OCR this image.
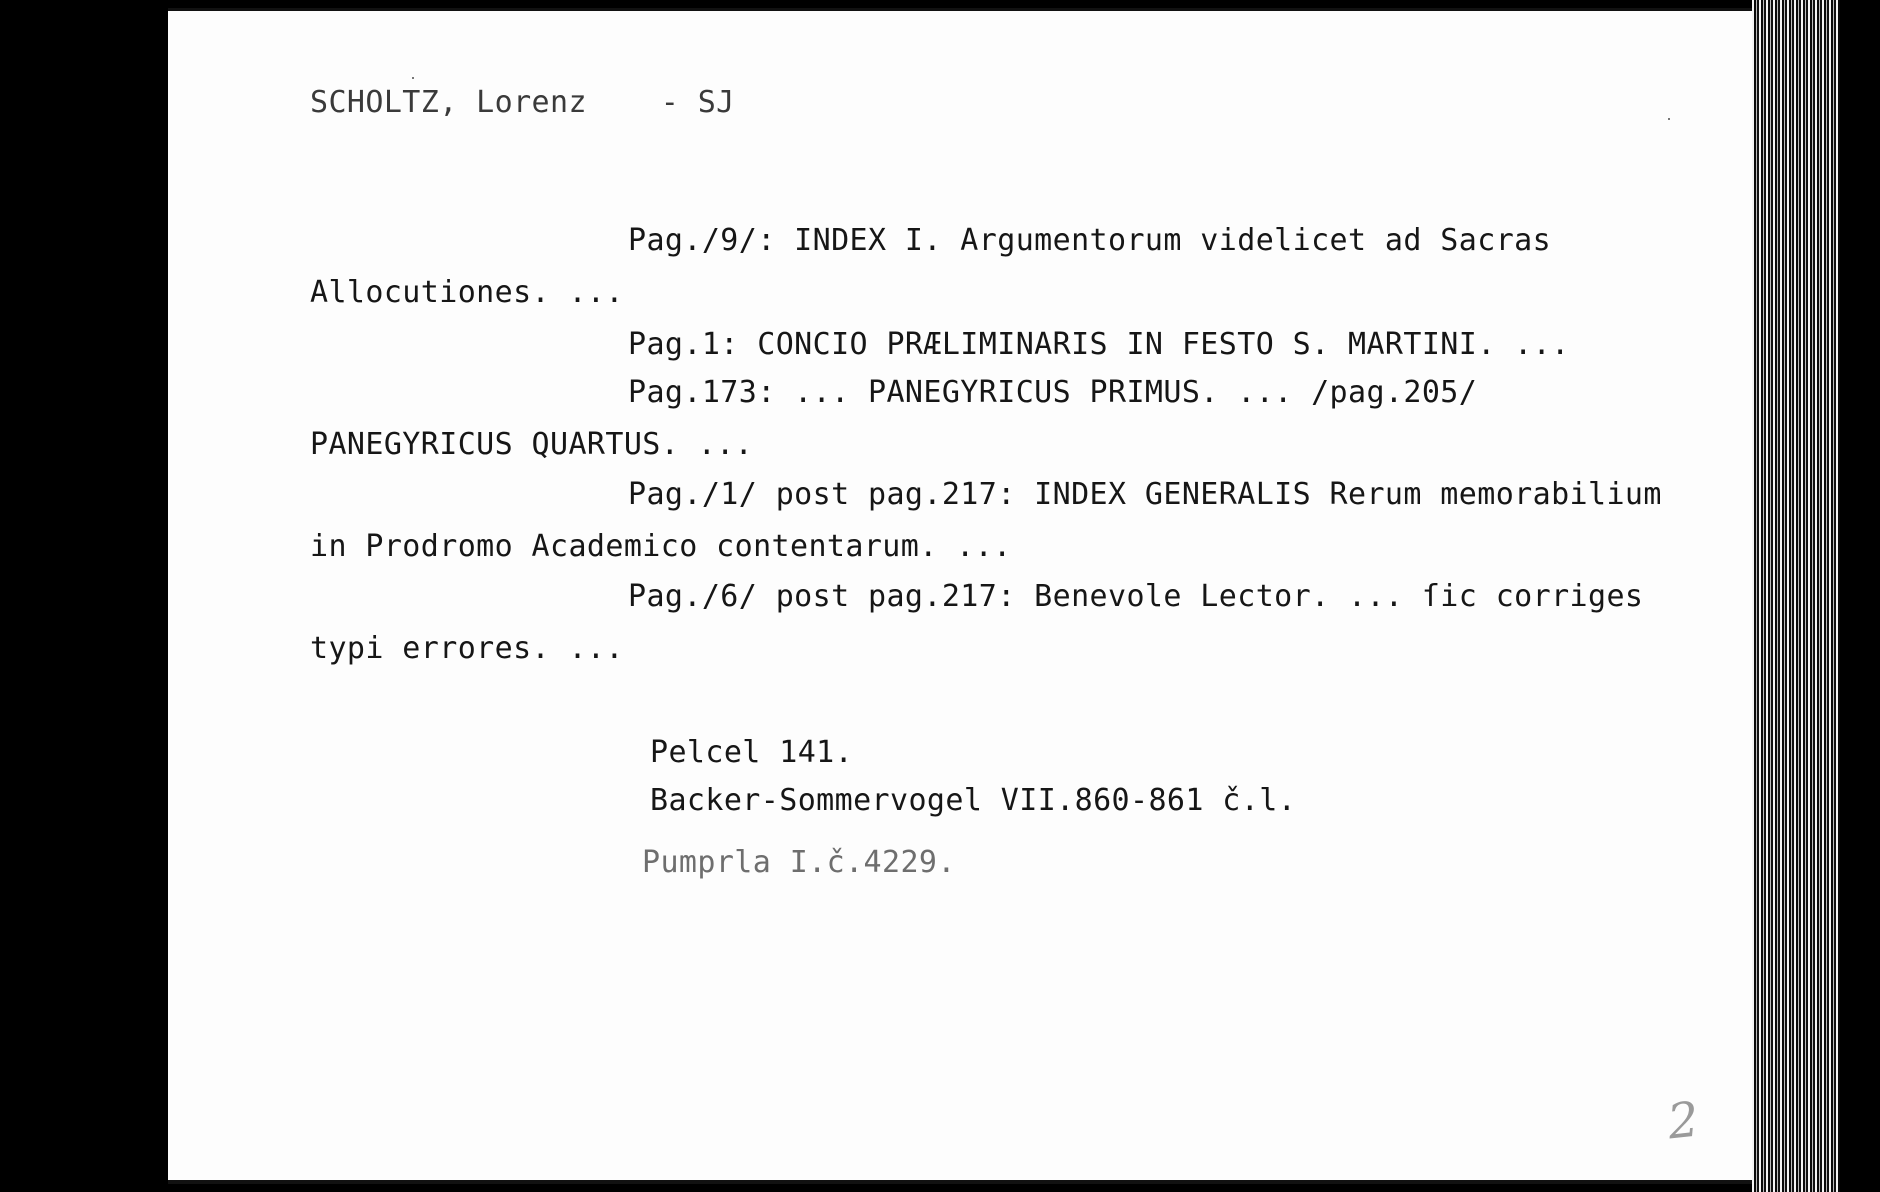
SCHOLTZ, Lorenz - SJ
Pag./9/: INDEX I. Argumentorum videlicet ad Sacras
Allocutiones. ...
Pag.1: CONCIO PRÆLIMINARIS IN FESTO S. MARTINI. ...
Pag.173: ... PANEGYRICUS PRIMUS. ... /pag.205/
PANEGYRICUS QUARTUS. ...
Pag./1/ post pag.217: INDEX GENERALIS Rerum memorabilium
in Prodromo Academico contentarum. ...
Pag./6/ post pag.217: Benevole Lector. ... ſic corriges
typi errores. ...
Pelcel 141.
Backer-Sommervogel VII.860-861 č.l.
Pumprla I.č.4229.
2
